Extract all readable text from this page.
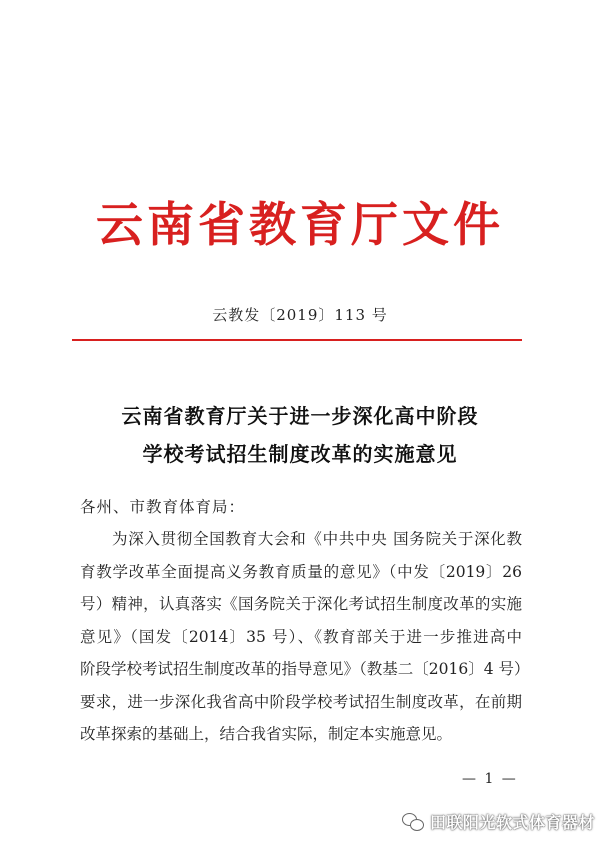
云南省教育厅文件
云教发〔2019〕113 号
云南省教育厅关于进一步深化高中阶段
学校考试招生制度改革的实施意见
各州、市教育体育局：
为深入贯彻全国教育大会和《中共中央 国务院关于深化教
育教学改革全面提高义务教育质量的意见》（中发〔2019〕26
号）精神，认真落实《国务院关于深化考试招生制度改革的实施
意见》（国发〔2014〕35 号）、《教育部关于进一步推进高中
阶段学校考试招生制度改革的指导意见》（教基二〔2016〕4 号）
要求，进一步深化我省高中阶段学校考试招生制度改革，在前期
改革探索的基础上，结合我省实际，制定本实施意见。
— 1 —
田联阳光软式体育器材
